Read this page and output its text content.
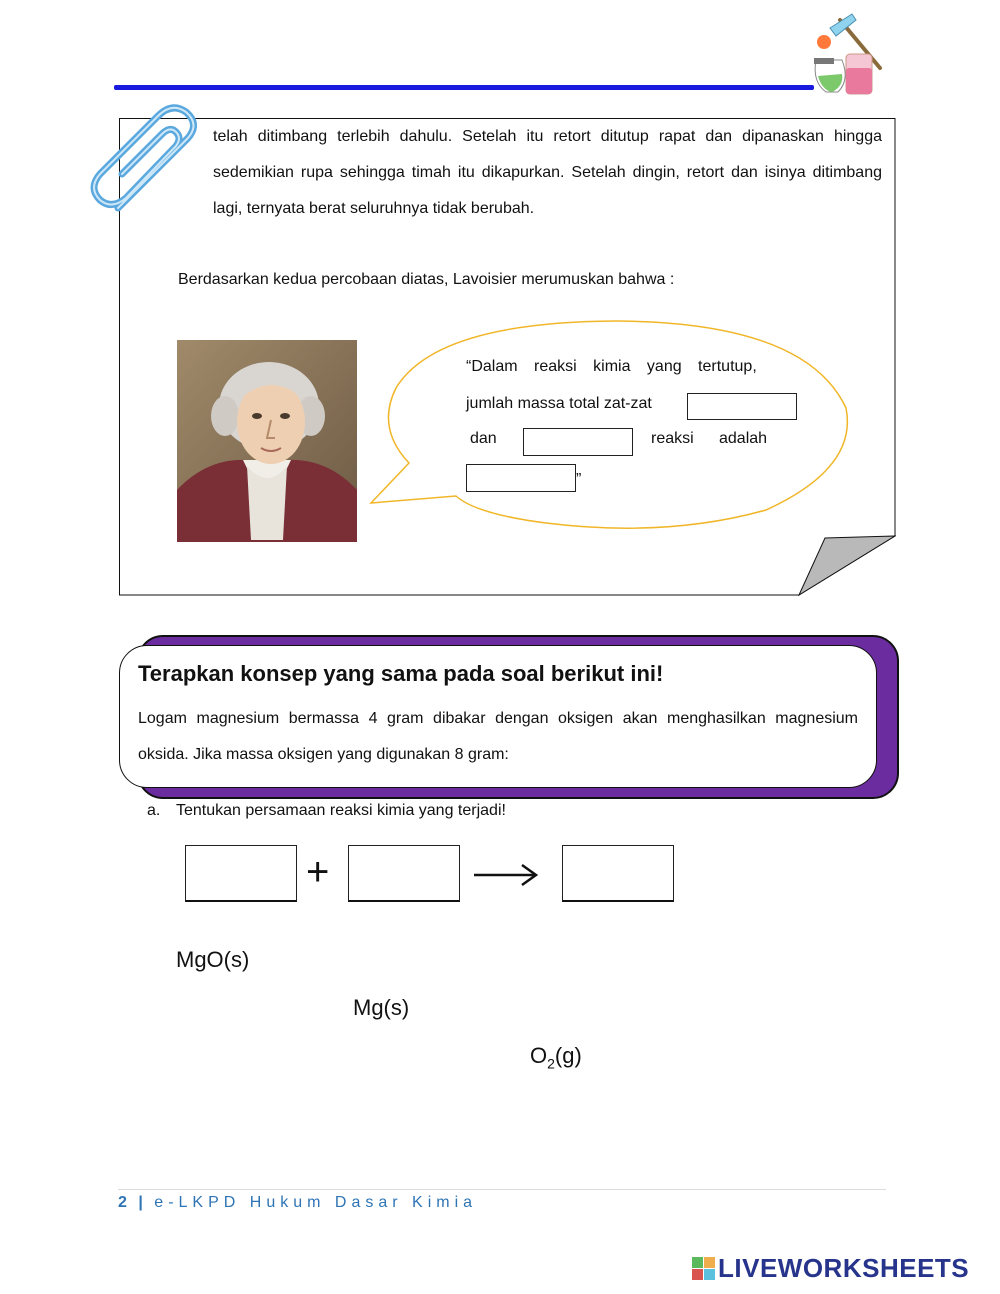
telah ditimbang terlebih dahulu. Setelah itu retort ditutup rapat dan dipanaskan hingga sedemikian rupa sehingga timah itu dikapurkan. Setelah dingin, retort dan isinya ditimbang lagi, ternyata berat seluruhnya tidak berubah.
Berdasarkan kedua percobaan diatas, Lavoisier merumuskan bahwa :
“Dalam reaksi kimia yang tertutup,
jumlah massa total zat-zat
dan	reaksi adalah
”
Terapkan konsep yang sama pada soal berikut ini!

Logam magnesium bermassa 4 gram dibakar dengan oksigen akan menghasilkan magnesium oksida. Jika massa oksigen yang digunakan 8 gram:

a. Tentukan persamaan reaksi kimia yang terjadi!
+
MgO(s)
Mg(s)
$O_2(g)$
2 | e-LKPD Hukum Dasar Kimia
LIVEWORKSHEETS
